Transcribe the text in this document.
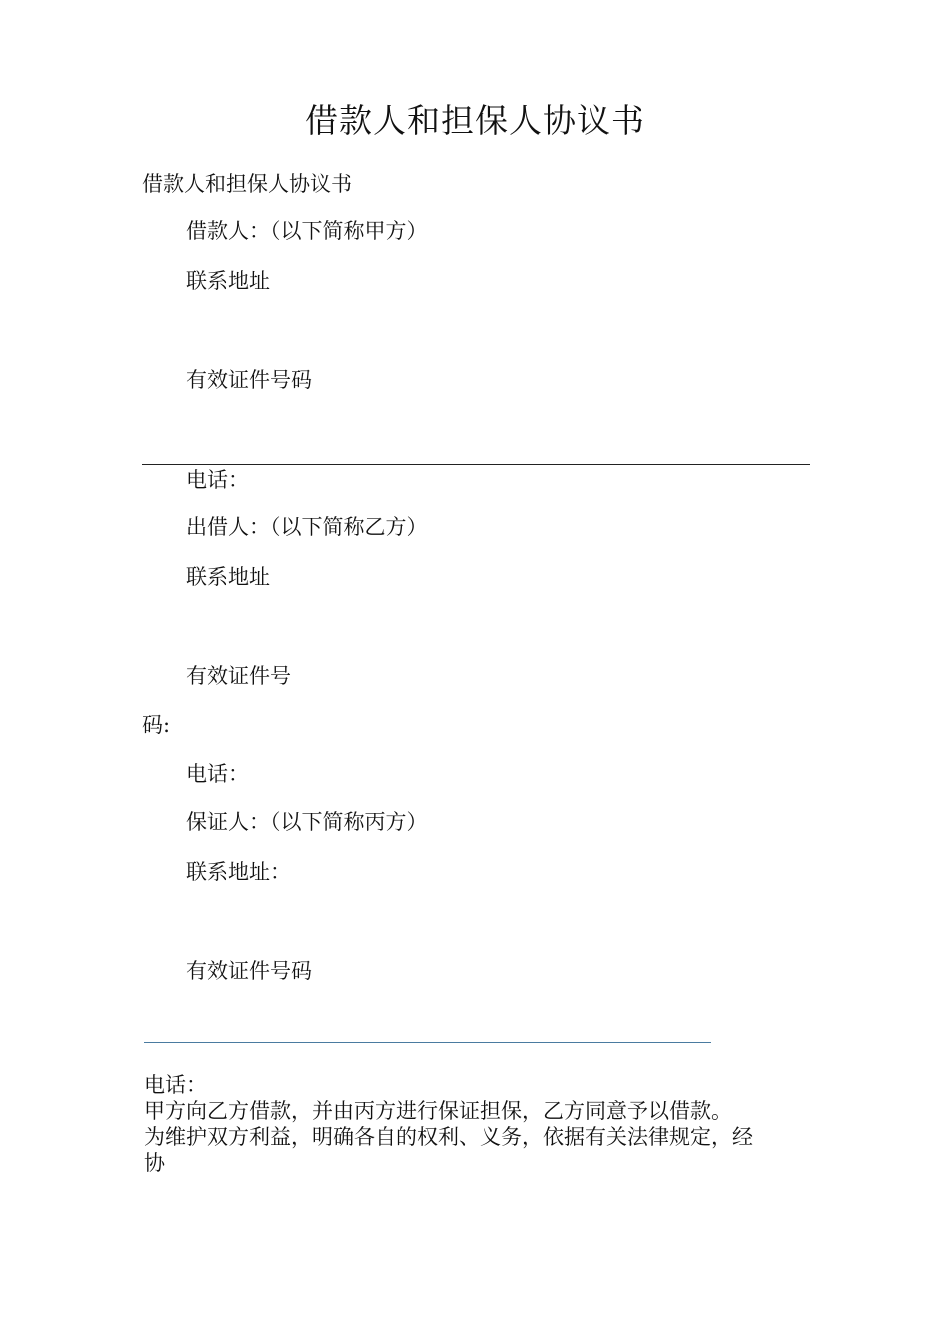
借款人和担保人协议书
借款人和担保人协议书
借款人：（以下简称甲方）
联系地址
有效证件号码
电话：
出借人：（以下简称乙方）
联系地址
有效证件号
码:
电话：
保证人：（以下简称丙方）
联系地址：
有效证件号码
电话：
甲方向乙方借款，并由丙方进行保证担保，乙方同意予以借款。
为维护双方利益，明确各自的权利、义务，依据有关法律规定，经
协
